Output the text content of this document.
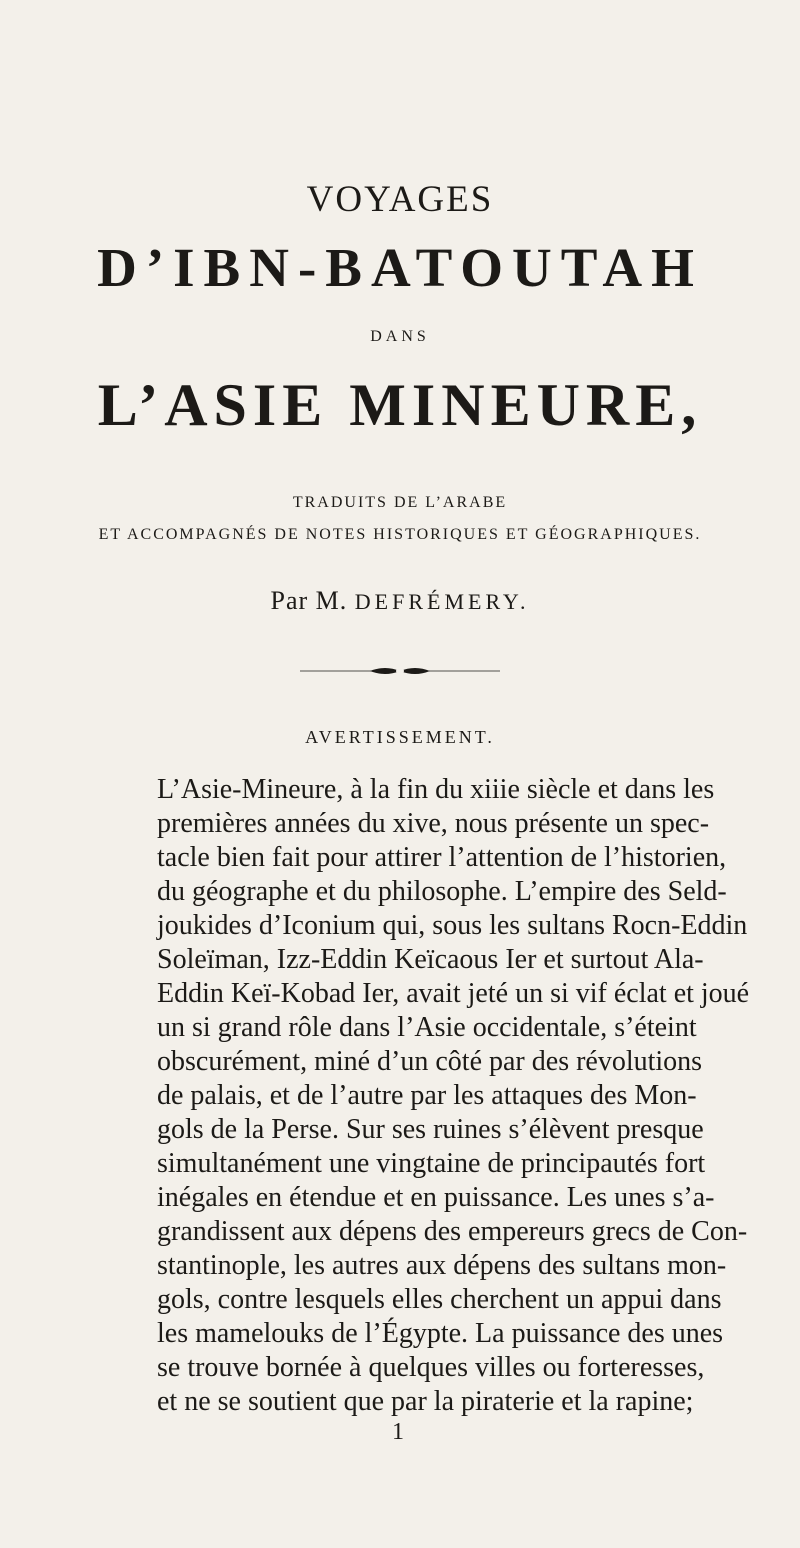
VOYAGES
D’IBN-BATOUTAH
DANS
L’ASIE MINEURE,
TRADUITS DE L’ARABE
ET ACCOMPAGNÉS DE NOTES HISTORIQUES ET GÉOGRAPHIQUES.
Par M. DEFRÉMERY.
AVERTISSEMENT.
L’Asie-Mineure, à la fin du xiiie siècle et dans les
premières années du xive, nous présente un spec-
tacle bien fait pour attirer l’attention de l’historien,
du géographe et du philosophe. L’empire des Seld-
joukides d’Iconium qui, sous les sultans Rocn-Eddin
Soleïman, Izz-Eddin Keïcaous Ier et surtout Ala-
Eddin Keï-Kobad Ier, avait jeté un si vif éclat et joué
un si grand rôle dans l’Asie occidentale, s’éteint
obscurément, miné d’un côté par des révolutions
de palais, et de l’autre par les attaques des Mon-
gols de la Perse. Sur ses ruines s’élèvent presque
simultanément une vingtaine de principautés fort
inégales en étendue et en puissance. Les unes s’a-
grandissent aux dépens des empereurs grecs de Con-
stantinople, les autres aux dépens des sultans mon-
gols, contre lesquels elles cherchent un appui dans
les mamelouks de l’Égypte. La puissance des unes
se trouve bornée à quelques villes ou forteresses,
et ne se soutient que par la piraterie et la rapine;
1
